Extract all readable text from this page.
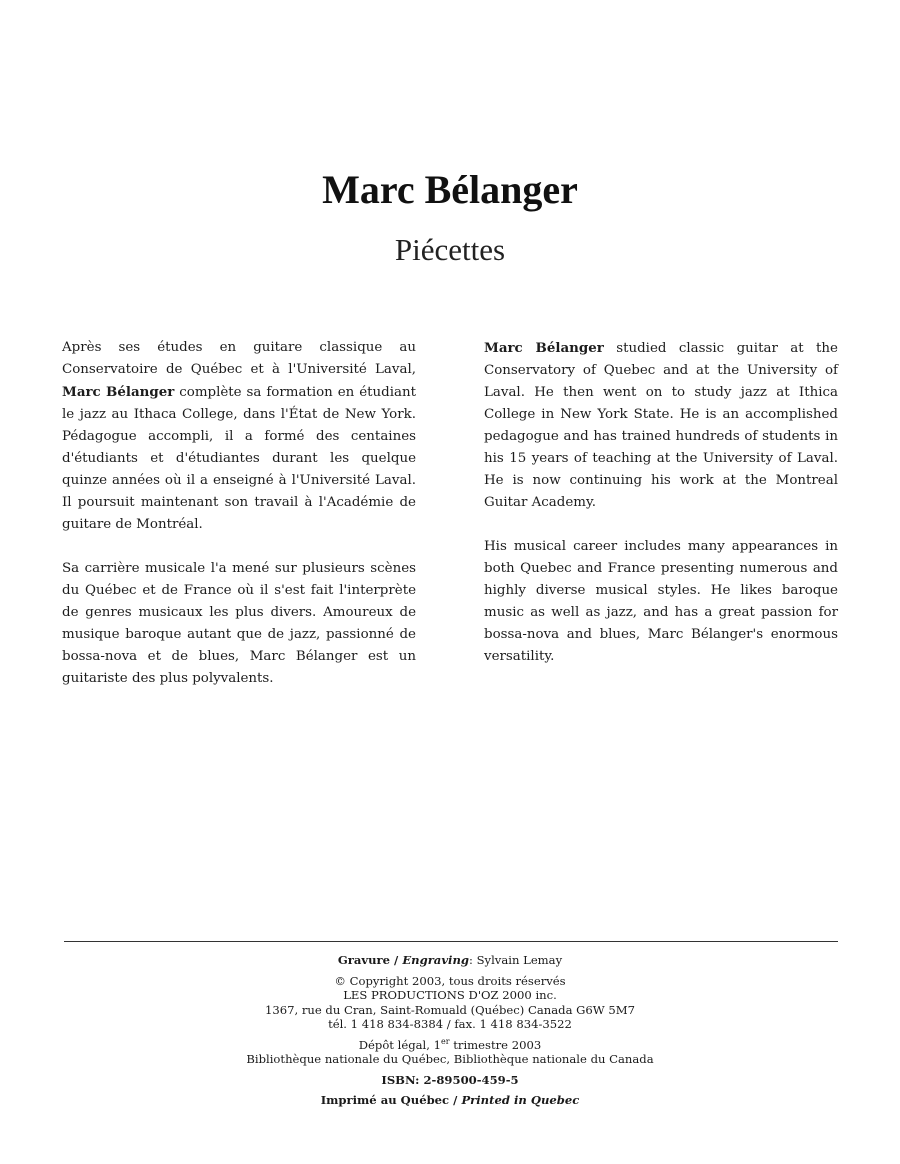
Marc Bélanger
Piécettes

Après ses études en guitare classique au Conservatoire de Québec et à l'Université Laval, Marc Bélanger complète sa formation en étudiant le jazz au Ithaca College, dans l'État de New York. Pédagogue accompli, il a formé des centaines d'étudiants et d'étudiantes durant les quelque quinze années où il a enseigné à l'Université Laval. Il poursuit maintenant son travail à l'Académie de guitare de Montréal.

Sa carrière musicale l'a mené sur plusieurs scènes du Québec et de France où il s'est fait l'interprète de genres musicaux les plus divers. Amoureux de musique baroque autant que de jazz, passionné de bossa-nova et de blues, Marc Bélanger est un guitariste des plus polyvalents.

Marc Bélanger studied classic guitar at the Conservatory of Quebec and at the University of Laval. He then went on to study jazz at Ithica College in New York State. He is an accomplished pedagogue and has trained hundreds of students in his 15 years of teaching at the University of Laval. He is now continuing his work at the Montreal Guitar Academy.

His musical career includes many appearances in both Quebec and France presenting numerous and highly diverse musical styles. He likes baroque music as well as jazz, and has a great passion for bossa-nova and blues, Marc Bélanger's enormous versatility.

Gravure / Engraving: Sylvain Lemay
© Copyright 2003, tous droits réservés
LES PRODUCTIONS D'OZ 2000 inc.
1367, rue du Cran, Saint-Romuald (Québec) Canada G6W 5M7
tél. 1 418 834-8384 / fax. 1 418 834-3522
Dépôt légal, 1er trimestre 2003
Bibliothèque nationale du Québec, Bibliothèque nationale du Canada
ISBN: 2-89500-459-5
Imprimé au Québec / Printed in Quebec
